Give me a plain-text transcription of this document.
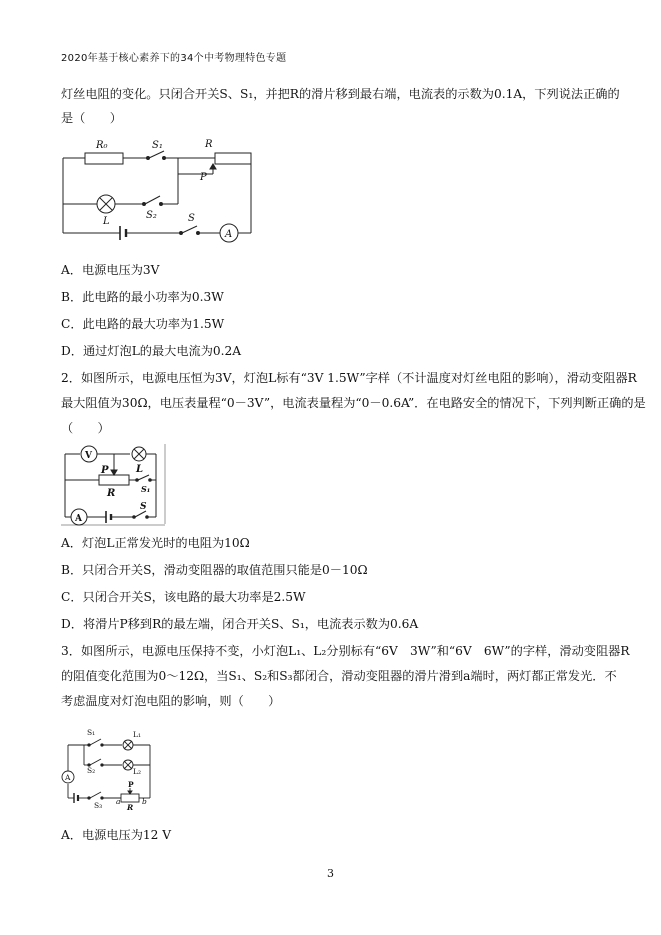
2020年基于核心素养下的34个中考物理特色专题
灯丝电阻的变化。只闭合开关S、S₁，并把R的滑片移到最右端，电流表的示数为0.1A，下列说法正确的
是（　　）
R₀	S₁	R
P
L
S₂	S
A
A．电源电压为3V
B．此电路的最小功率为0.3W
C．此电路的最大功率为1.5W
D．通过灯泡L的最大电流为0.2A
2．如图所示，电源电压恒为3V，灯泡L标有“3V 1.5W”字样（不计温度对灯丝电阻的影响），滑动变阻器R
最大阻值为30Ω，电压表量程“0－3V”，电流表量程为“0－0.6A”．在电路安全的情况下，下列判断正确的是
（　　）
V
L
P
R	S₁
A
S
A．灯泡L正常发光时的电阻为10Ω
B．只闭合开关S，滑动变阻器的取值范围只能是0－10Ω
C．只闭合开关S，该电路的最大功率是2.5W
D．将滑片P移到R的最左端，闭合开关S、S₁，电流表示数为0.6A
3．如图所示，电源电压保持不变，小灯泡L₁、L₂分别标有“6V　3W”和“6V　6W”的字样，滑动变阻器R
的阻值变化范围为0～12Ω，当S₁、S₂和S₃都闭合，滑动变阻器的滑片滑到a端时，两灯都正常发光．不
考虑温度对灯泡电阻的影响，则（　　）
S₁	L₁
S₂	L₂
A
P
S₃ a
R
b
A．电源电压为12 V
3
